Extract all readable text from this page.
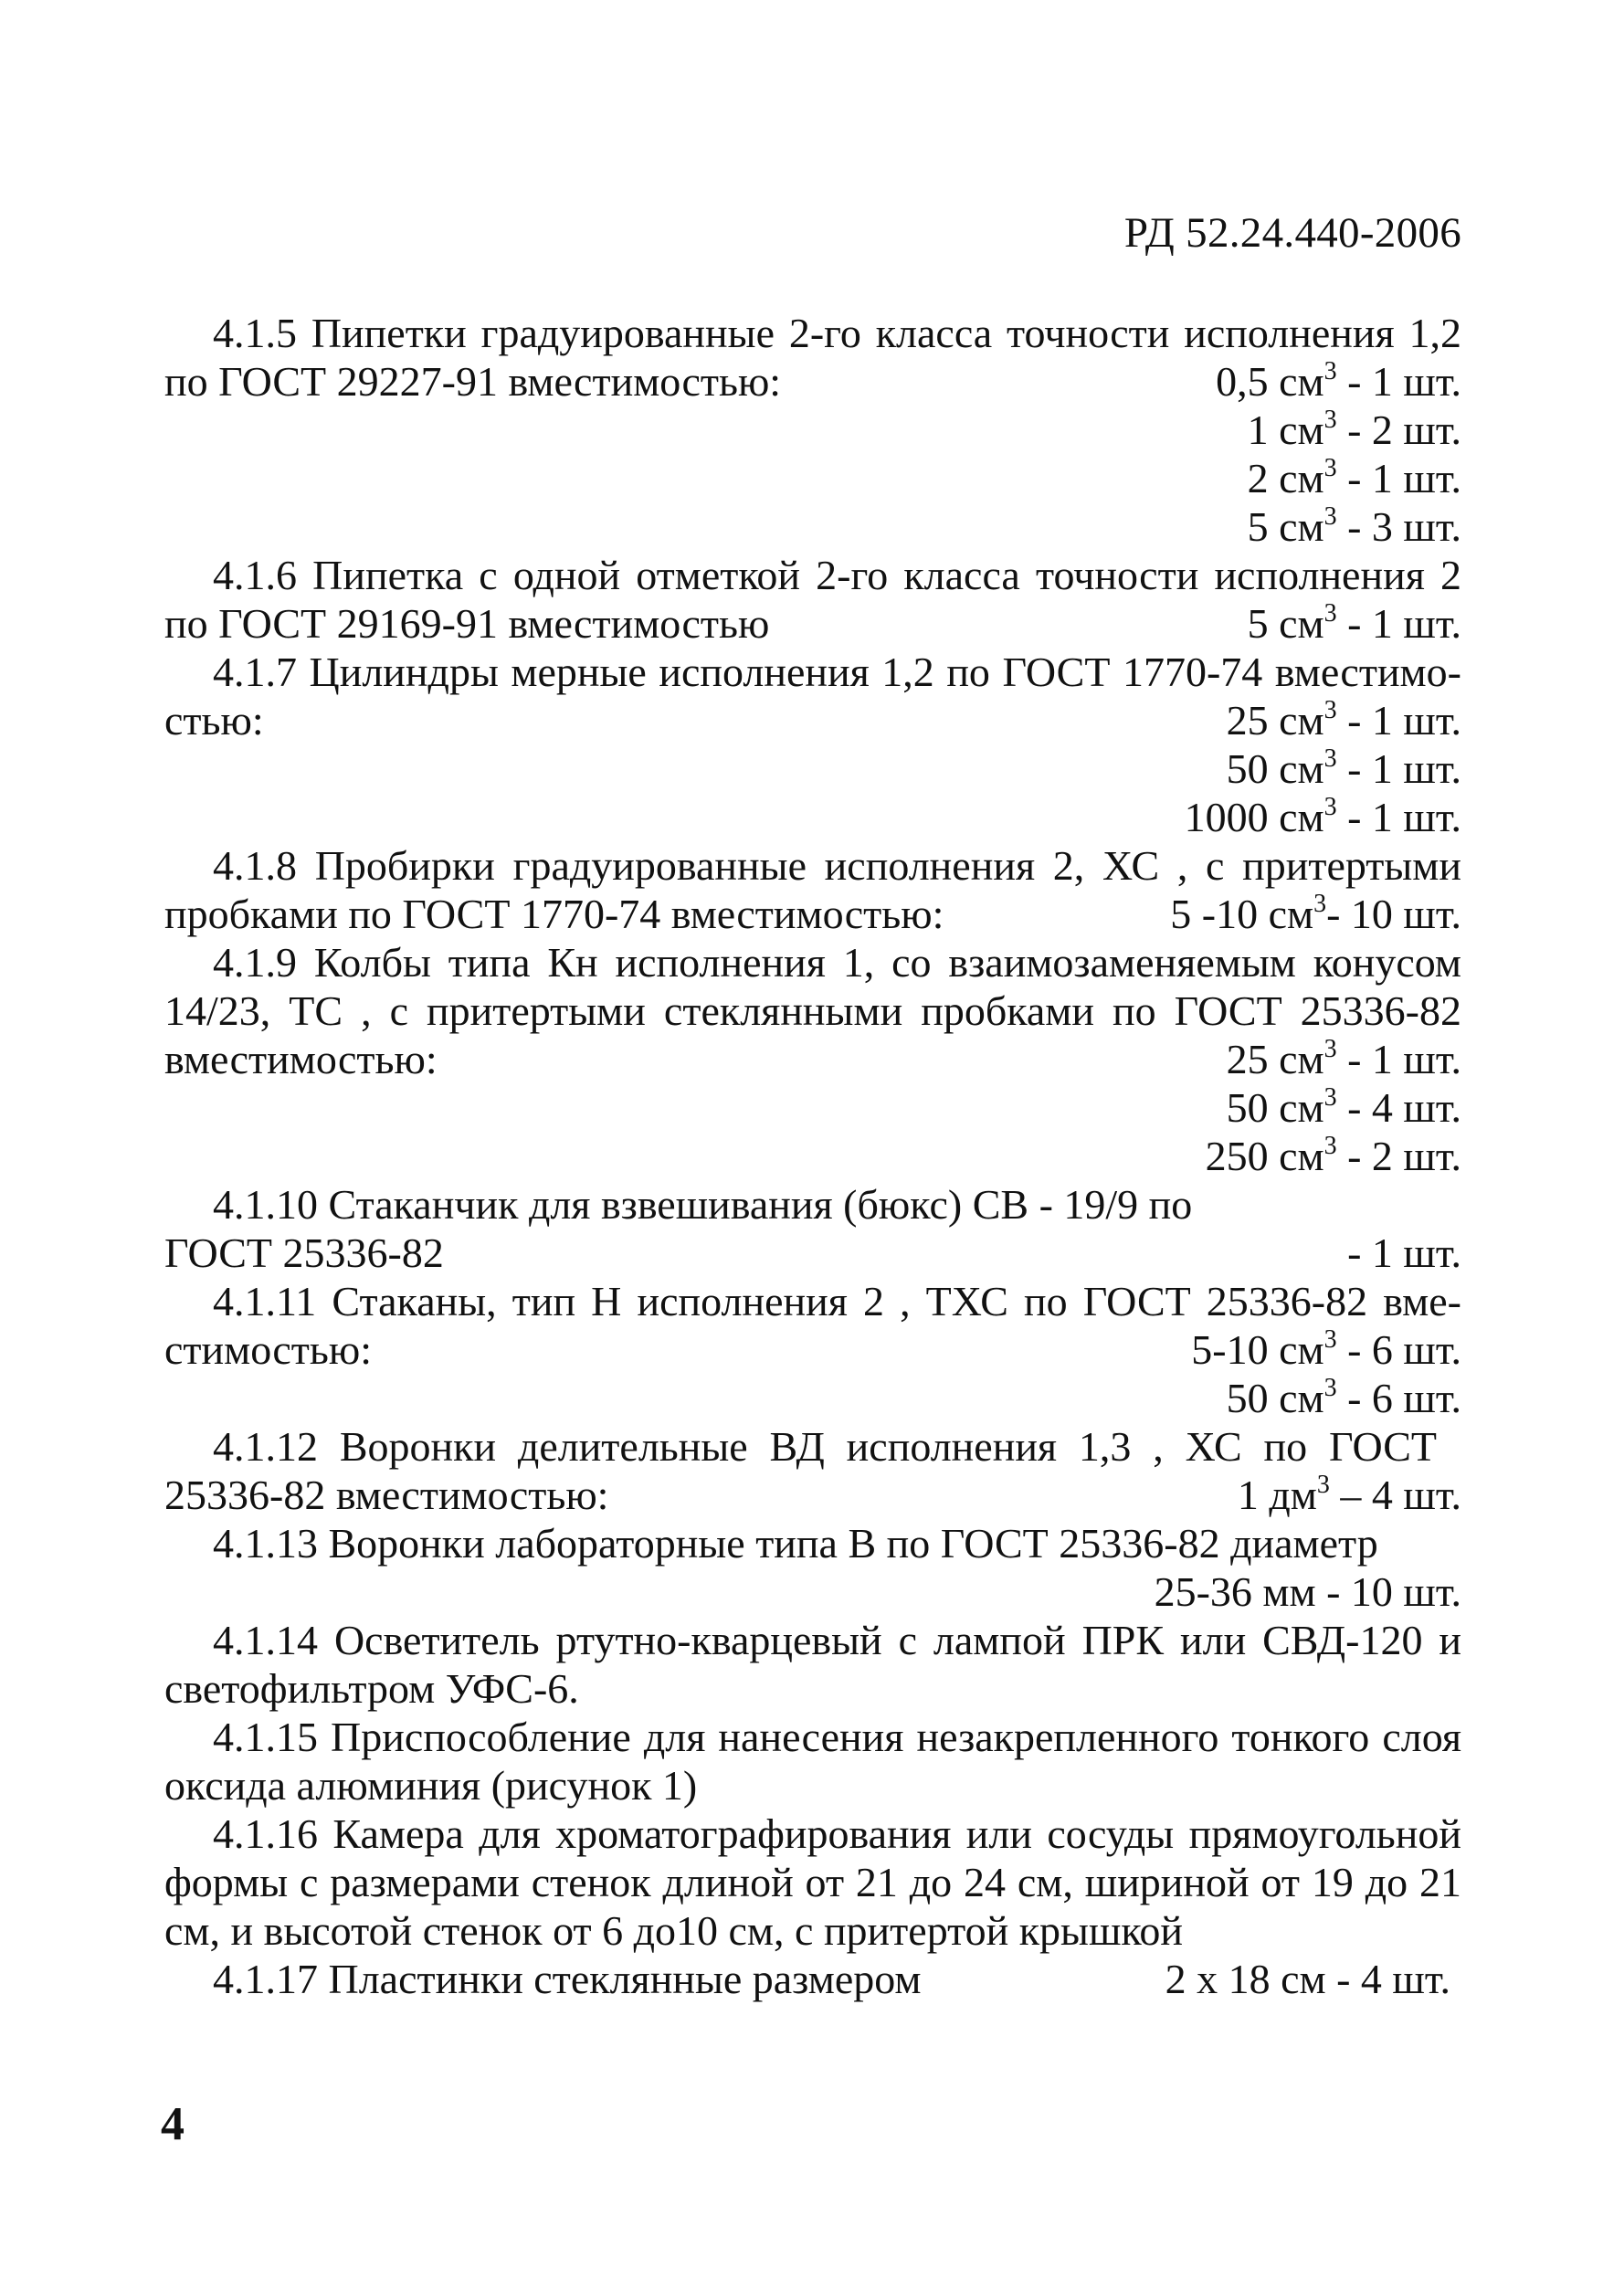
РД 52.24.440-2006
4.1.5 Пипетки градуированные 2-го класса точности исполнения 1,2
по ГОСТ 29227-91 вместимостью:	0,5 $см^3 - 1$ шт.
1 $см^3 - 2$ шт.
2 $см^3 - 1$ шт.
5 $см^3 - 3$ шт.
4.1.6 Пипетка с одной отметкой 2-го класса точности исполнения 2
по ГОСТ 29169-91 вместимостью	5 $см^3 - 1$ шт.
4.1.7 Цилиндры мерные исполнения 1,2 по ГОСТ 1770-74 вместимо-
стью:	25 $см^3 - 1$ шт.
50 $см^3 - 1$ шт.
1000 $см^3 - 1$ шт.
4.1.8 Пробирки градуированные исполнения 2, ХС , с притертыми
пробками по ГОСТ 1770-74 вместимостью:	5 -10 $см^3-$ 10 шт.
4.1.9 Колбы типа Кн исполнения 1, со взаимозаменяемым конусом
14/23, ТС , с притертыми стеклянными пробками по ГОСТ 25336-82
вместимостью:	25 $см^3 - 1$ шт.
50 $см^3 - 4$ шт.
250 $см^3 - 2$ шт.
4.1.10 Стаканчик для взвешивания (бюкс) СВ - 19/9 по
ГОСТ 25336-82	- 1 шт.
4.1.11 Стаканы, тип Н исполнения 2 , ТХС по ГОСТ 25336-82 вме-
стимостью:	5-10 $см^3 - 6$ шт.
50 $см^3 - 6$ шт.
4.1.12 Воронки делительные ВД исполнения 1,3 , ХС по ГОСТ
25336-82 вместимостью:	1 $дм^3 - 4$ шт.
4.1.13 Воронки лабораторные типа В по ГОСТ 25336-82 диаметр
25-36 мм - 10 шт.
4.1.14 Осветитель ртутно-кварцевый с лампой ПРК или СВД-120 и
светофильтром УФС-6.
4.1.15 Приспособление для нанесения незакрепленного тонкого слоя
оксида алюминия (рисунок 1)
4.1.16 Камера для хроматографирования или сосуды прямоугольной
формы с размерами стенок длиной от 21 до 24 см, шириной от 19 до 21
см, и высотой стенок от 6 до10 см, с притертой крышкой
4.1.17 Пластинки стеклянные размером	2 х 18 см - 4 шт.
4
